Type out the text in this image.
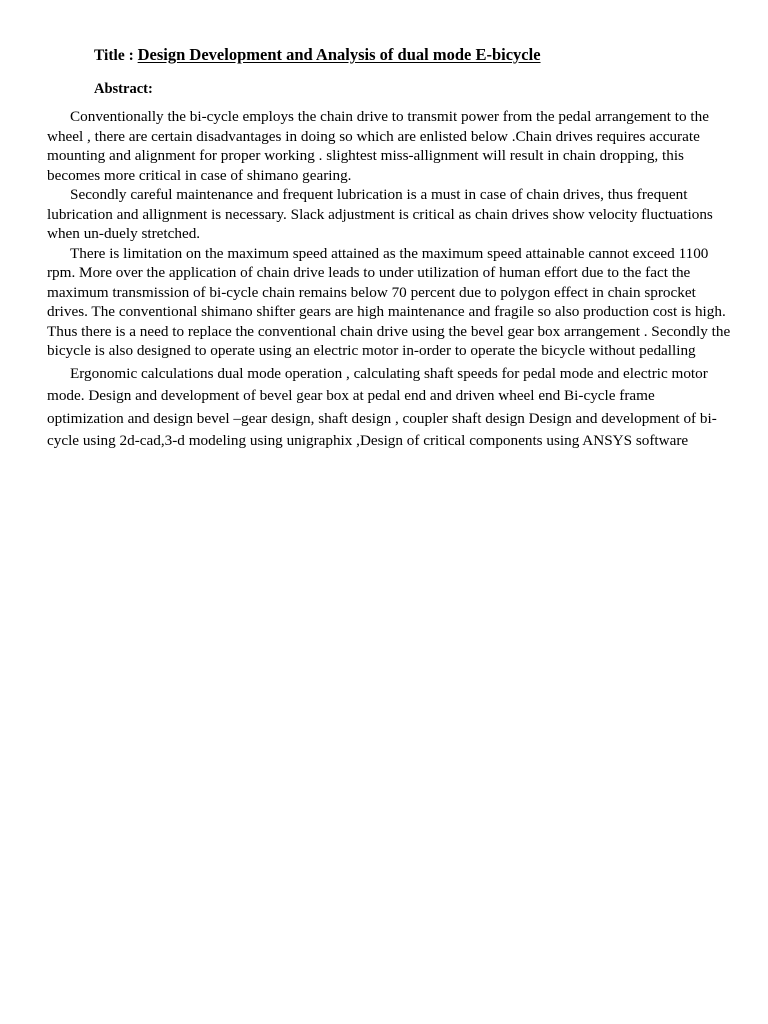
Title : Design Development and Analysis of dual mode E-bicycle
Abstract:

Conventionally the bi-cycle employs the chain drive to transmit power from the pedal arrangement to the wheel , there are certain disadvantages in doing so which are enlisted below .Chain drives requires accurate mounting and alignment for proper working . slightest miss-allignment will result in chain dropping, this becomes more critical in case of shimano gearing.

Secondly careful maintenance and frequent lubrication is a must in case of chain drives, thus frequent lubrication and allignment is necessary. Slack adjustment is critical as chain drives show velocity fluctuations when un-duely stretched.

There is limitation on the maximum speed attained as the maximum speed attainable cannot exceed 1100 rpm. More over the application of chain drive leads to under utilization of human effort due to the fact the maximum transmission of bi-cycle chain remains below 70 percent due to polygon effect in chain sprocket drives. The conventional shimano shifter gears are high maintenance and fragile so also production cost is high. Thus there is a need to replace the conventional chain drive using the bevel gear box arrangement . Secondly the bicycle is also designed to operate using an electric motor in-order to operate the bicycle without pedalling

Ergonomic calculations dual mode operation , calculating shaft speeds for pedal mode and electric motor mode. Design and development of bevel gear box at pedal end and driven wheel end Bi-cycle frame optimization and design bevel –gear design, shaft design , coupler shaft design Design and development of bi-cycle using 2d-cad,3-d modeling using unigraphix ,Design of critical components using ANSYS software
